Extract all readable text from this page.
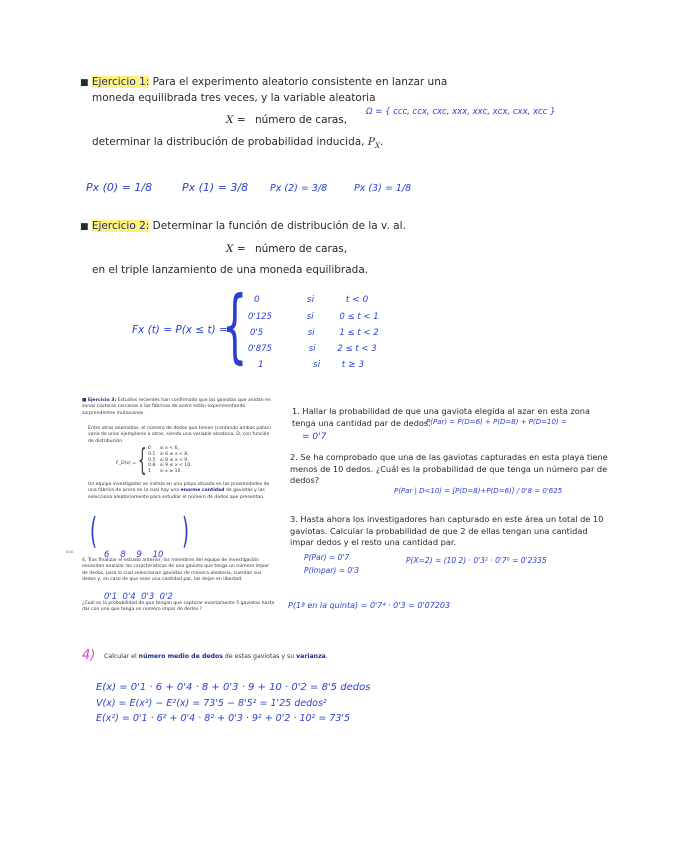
■ Ejercicio 1: Para el experimento aleatorio consistente en lanzar una
moneda equilibrada tres veces, y la variable aleatoria
X = número de caras,
Ω = { ccc, ccx, cxc, xxx, xxc, xcx, cxx, xcc }
determinar la distribución de probabilidad inducida, $P_X$.
Px (0) = 1/8	Px (1) = 3/8 Px (2) = 3/8	Px (3) = 1/8
■ Ejercicio 2: Determinar la función de distribución de la v. al.
X = número de caras,
en el triple lanzamiento de una moneda equilibrada.
Fx (t) = P(x ≤ t) =
{ 0	si	t < 0
0'125	si	0 ≤ t < 1
0'5	si	1 ≤ t < 2
0'875	si	2 ≤ t < 3
1	si t ≥ 3
■ Ejercicio 3: Estudios recientes han confirmado que las gaviotas que anidan en zonas costeras cercanas a las fábricas de acero están experimentando sorprendentes mutaciones.
Entre otras anomalías, el número de dedos que tienen (contando ambas patas) varía de unos ejemplares a otros, siendo una variable aleatoria, D, con función de distribución
F_D(x) = { 0 si x < 6,
0.1 si 6 ≤ x < 8,
0.5 si 8 ≤ x < 9,
0.8 si 9 ≤ x < 10,
1 si x ≥ 10.
Un equipo investigador se instala en una playa situada en las proximidades de una fábrica de acero en la cual hay una enorme cantidad de gaviotas y las selecciona aleatoriamente para estudiar el número de dedos que presentan.
(

6    8    9    10

0'1  0'4  0'3  0'2

)
SUG
4. Tras finalizar el estudio anterior, los miembros del equipo de investigación necesitan analizar las características de una gaviota que tenga un número impar de dedos, para lo cual seleccionan gaviotas de manera aleatoria, cuentan sus dedos y, en caso de que sean una cantidad par, las dejan en libertad.
¿Cuál es la probabilidad de que tengan que capturar exactamente 5 gaviotas hasta dar con una que tenga un número impar de dedos ?
1. Hallar la probabilidad de que una gaviota elegida al azar en esta zona tenga una cantidad par de dedos.
P(Par) = P(D=6) + P(D=8) + P(D=10) =
= 0'7
2. Se ha comprobado que una de las gaviotas capturadas en esta playa tiene menos de 10 dedos. ¿Cuál es la probabilidad de que tenga un número par de dedos?
P(Par | D<10) = [P(D=8)+P(D=6)] / 0'8 = 0'625
3. Hasta ahora los investigadores han capturado en este área un total de 10 gaviotas. Calcular la probabilidad de que 2 de ellas tengan una cantidad impar dedos y el resto una cantidad par.
P(Par) = 0'7
P(Impar) = 0'3
P(X=2) = (10 2) · 0'3² · 0'7⁸ = 0'2335
P(1ª en la quinta) = 0'7⁴ · 0'3 = 0'07203
4) Calcular el número medio de dedos de estas gaviotas y su varianza.
E(x) = 0'1 · 6 + 0'4 · 8 + 0'3 · 9 + 10 · 0'2 = 8'5 dedos
V(x) = E(x²) − E²(x) = 73'5 − 8'5² = 1'25 dedos²
E(x²) = 0'1 · 6² + 0'4 · 8² + 0'3 · 9² + 0'2 · 10² = 73'5
